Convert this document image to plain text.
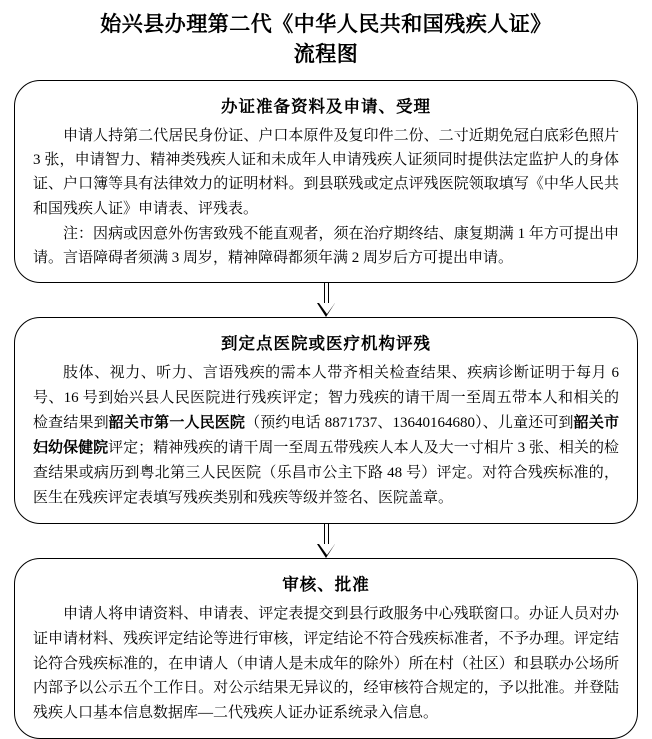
始兴县办理第二代《中华人民共和国残疾人证》
流程图
办证准备资料及申请、受理

申请人持第二代居民身份证、户口本原件及复印件二份、二寸近期免冠白底彩色照片 3 张，申请智力、精神类残疾人证和未成年人申请残疾人证须同时提供法定监护人的身体证、户口簿等具有法律效力的证明材料。到县联残或定点评残医院领取填写《中华人民共和国残疾人证》申请表、评残表。

注：因病或因意外伤害致残不能直观者，须在治疗期终结、康复期满 1 年方可提出申请。言语障碍者须满 3 周岁，精神障碍都须年满 2 周岁后方可提出申请。

到定点医院或医疗机构评残

肢体、视力、听力、言语残疾的需本人带齐相关检查结果、疾病诊断证明于每月 6 号、16 号到始兴县人民医院进行残疾评定；智力残疾的请干周一至周五带本人和相关的检查结果到韶关市第一人民医院（预约电话 8871737、13640164680）、儿童还可到韶关市妇幼保健院评定；精神残疾的请干周一至周五带残疾人本人及大一寸相片 3 张、相关的检查结果或病历到粤北第三人民医院（乐昌市公主下路 48 号）评定。对符合残疾标准的，医生在残疾评定表填写残疾类别和残疾等级并签名、医院盖章。

审核、批准

申请人将申请资料、申请表、评定表提交到县行政服务中心残联窗口。办证人员对办证申请材料、残疾评定结论等进行审核，评定结论不符合残疾标准者，不予办理。评定结论符合残疾标准的，在申请人（申请人是未成年的除外）所在村（社区）和县联办公场所内部予以公示五个工作日。对公示结果无异议的，经审核符合规定的，予以批准。并登陆残疾人口基本信息数据库—二代残疾人证办证系统录入信息。
